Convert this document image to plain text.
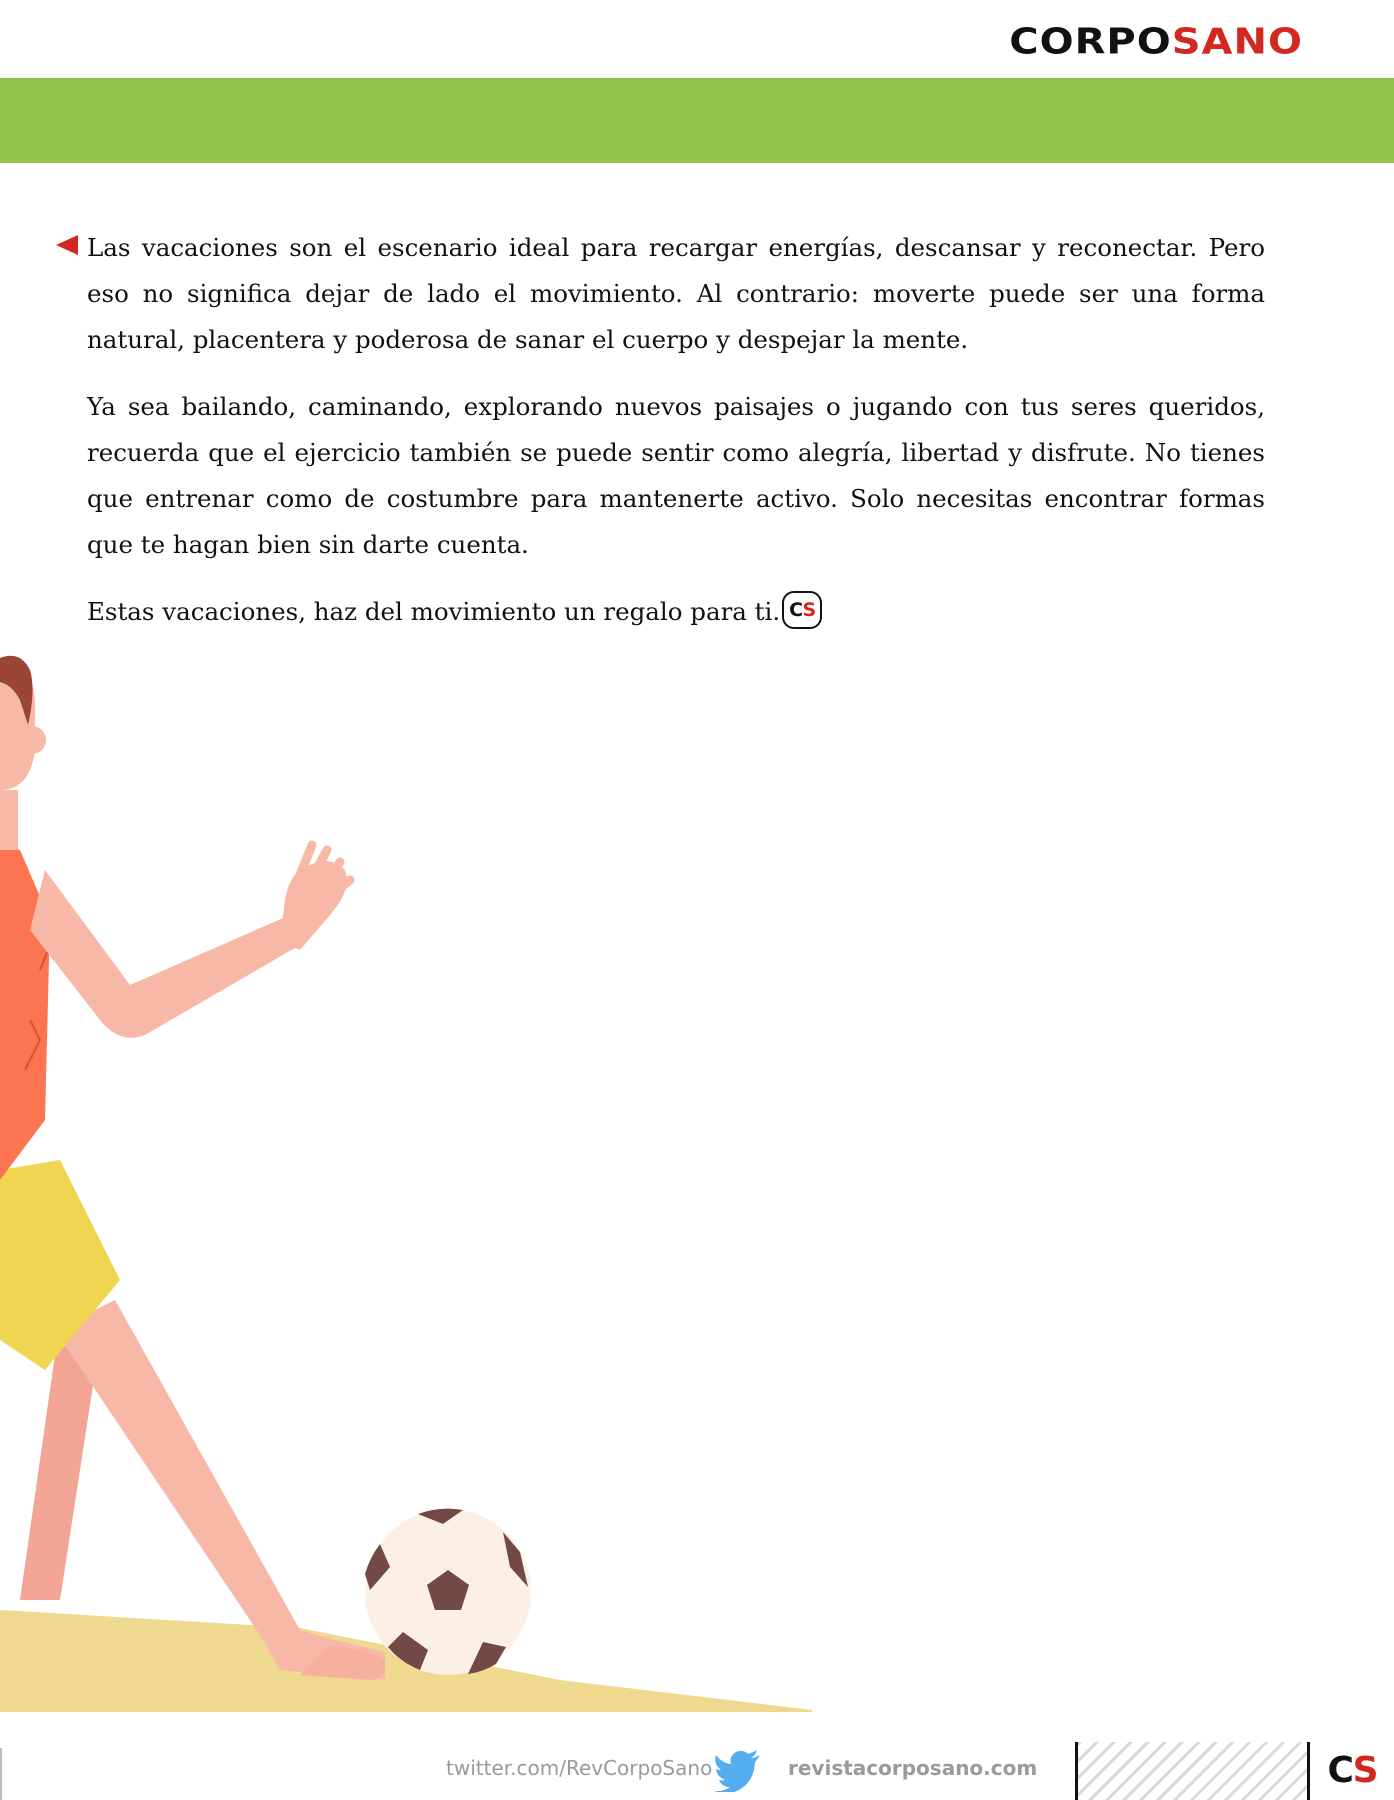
CORPOSANO

Las vacaciones son el escenario ideal para recargar energías, descansar y reconectar. Pero eso no significa dejar de lado el movimiento. Al contrario: moverte puede ser una forma natural, placentera y poderosa de sanar el cuerpo y despejar la mente.

Ya sea bailando, caminando, explorando nuevos paisajes o jugando con tus seres queridos, recuerda que el ejercicio también se puede sentir como alegría, libertad y disfrute. No tienes que entrenar como de costumbre para mantenerte activo. Solo necesitas encontrar formas que te hagan bien sin darte cuenta.

Estas vacaciones, haz del movimiento un regalo para ti. CS

twitter.com/RevCorpoSano	revistacorposano.com	CS
